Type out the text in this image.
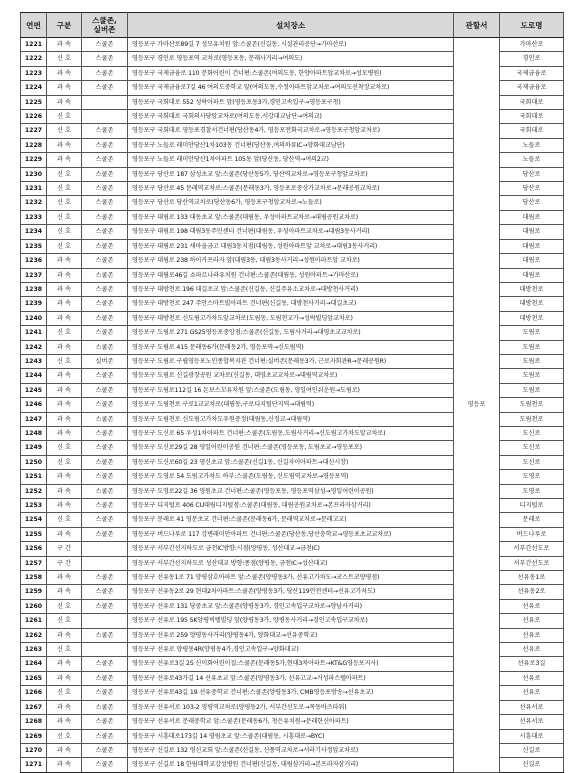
연번	구분	스쿨존,
실버존	설치장소	관할서	도로명
1221	과 속	스쿨존	영등포구 가마산로89길 7 성모유치원 앞:스쿨존(신길동, 시설관리공단→가마산로)	영등포	가마산로
1222	신 호	스쿨존	영등포구 경인로 영등포역 교차로(영등포동, 문래사거리→여의도)		경인로
1223	과 속	스쿨존	영등포구 국제금융로 110 문화어린이 건너편:스쿨존(여의도동, 한양아파트앞교차로→성모병원)		국제금융로
1224	과 속	스쿨존	영등포구 국제금융로7길 46 여의도중학교 앞(여의도동,수정아파트앞교차로→여의도선착장교차로)		국제금융로
1225	과 속		영등포구 국회대로 552 성락아파트 앞(영등포동3가,경인고속입구→영등포구청)		국회대로
1226	신 호		영등포구 국회대로 국회의사당앞교차로(여의도동,서강대교남단→여의교)		국회대로
1227	신 호	스쿨존	영등포구 국회대로 영등포경찰서건너편(당산동4가, 영등포전화국교차로→영등포구청앞교차로)		국회대로
1228	과 속	스쿨존	영등포구 노들로 래미안당산1차103동 건너편(당산동,여의하류IC→양화대교남단)		노들로
1229	과 속	스쿨존	영등포구 노들로 래미안당산1차아파트 105동 앞(당산동, 당산역→여의2교)		노들로
1230	신 호	스쿨존	영등포구 당산로 187 삼성초교 앞:스쿨존(당산동5가, 당산역교차로→영등포구청앞교차로)		당산로
1231	신 호	스쿨존	영등포구 당산로 45 문래역교차로:스쿨존(문래동3가, 영등포로중상가교차로→문래공원교차로)		당산로
1232	신 호	스쿨존	영등포구 당산로 당산역교차로(당산동6가, 영등포구청앞교차로→노들로)		당산로
1233	신 호	스쿨존	영등포구 대림로 133 대동초교 앞:스쿨존(대림동, 우성아파트교차로→대림공원교차로)		대림로
1234	신 호	스쿨존	영등포구 대림로 198 대림3동주민센터 건너편(대림동, 우성아파트교차로→대림3동사거리)		대림로
1235	신 호	스쿨존	영등포구 대림로 231 새마을금고 대림3동지점(대림동, 성원아파트앞 교차로→대림3동사거리)		대림로
1236	과 속	스쿨존	영등포구 대림로 238 하이카프라자 앞(대림3동, 대림3동사거리→성원아파트앞 교차로)		대림로
1237	과 속	스쿨존	영등포구 대림로46길 쇼파르나라유치원 건너편:스쿨존(대림동, 성원아파트→가마산로)		대림로
1238	과 속	스쿨존	영등포구 대방천로 196 대길초교 앞:스쿨존(신길동, 신길주유소교차로→대방천사거리)		대방천로
1239	과 속	스쿨존	영등포구 대방천로 247 주안스마트빌아파트 건너편(신길동, 대방천사거리→대길초교)		대방천로
1240	과 속	스쿨존	영등포구 대방천로 신도림고가차도앞교차로(도림동, 도림천교가→성락빌딩앞교차로)		대방천로
1241	신 호	스쿨존	영등포구 도림로 271 GS25영등포중앙점:스쿨존(신길동, 도림사거리→대영초교교차로)		도림로
1242	과 속	스쿨존	영등포구 도림로 415 문래동6가(문래동2가, 영등포역→신도림역)		도림로
1243	신 호	실버존	영등포구 도림로 구립영등포노인종합복지관 건너편:실버존(문래동3가, 근로자회관R→문래공원R)		도림로
1244	과 속	스쿨존	영등포구 도림로 신길광장공원 교차로(신길동, 대영초교교차로→대림역교차로)		도림로
1245	과 속	스쿨존	영등포구 도림로112길 16 돈보스꼬유치원 앞:스쿨존(도림동, 영일여인쉬운원→도림로)		도림로
1246	과 속	스쿨존	영등포구 도림천로 구로1교교차로(대림동,구로디지털단지역→대림역)		도림천로
1247	과 속	스쿨존	영등포구 도림천로 신도림고가차도우원중정(대림동,신정교→대림역)		도림천로
1248	과 속	스쿨존	영등포구 도신로 65 우성1차아파트 건너편:스쿨존(도림동,도림사거리→신도림고가차도앞교차로)		도신로
1249	신 호	스쿨존	영등포구 도신로29길 28 영일어린이공원 건너편:스쿨존(영등포동, 도림초교→영등포로)		도신로
1250	신 호	스쿨존	영등포구 도신로60길 23 영신초교 앞:스쿨존(신길1동, 신길자이아파트→대신시장)		도신로
1251	과 속	스쿨존	영등포구 도영로 54 도림고가차도 하부:스쿨존(도림동, 신도림역교차로→영등포역)		도영로
1252	과 속	스쿨존	영등포구 도영로22길 36 영원초교 건너편:스쿨존(영등포동, 영등포역삼성→영일어린이공원)		도영로
1253	과 속	스쿨존	영등포구 디지털로 406 CU대림디지털점:스쿨존(대림동, 대림공원교차로→본프라자삼거리)		디지털로
1254	신 호	스쿨존	영등포구 문래로 41 영문초교 건너편:스쿨존(문래동6가, 문래역교차로→문래고교)		문래로
1255	과 속	스쿨존	영등포구 버드나루로 117 강변래미안아파트 건너편:스쿨존(당산동,당산충학교→영등포초교교차로)		버드나루로
1256	구 간		영등포구 서부간선지하도로 금천IC방향:시점(양평동, 성산대교→금천IC)		서부간선도로
1257	구 간		영등포구 서부간선지하도로 성산대교 방향:종점(양평동, 금천IC→성산대교)		서부간선도로
1258	과 속	스쿨존	영등포구 선유동1로 71 양평삼호아파트 앞:스쿨존(양평동3가, 선유고가차도→코스트코양평점)		선유동1로
1259	과 속	스쿨존	영등포구 선유동2로 29 현대2차아파트:스쿨존(양평동3가, 당산119안전센터→선유고가차도)		선유동2로
1260	신 호	스쿨존	영등포구 선유로 131 당중초교 앞:스쿨존(양평동3가, 경인고속입구교차로→양남사거리)		선유로
1261	신 호		영등포구 선유로 195 SK양평빅텔빌딩 앞(양평동3가, 양평동사거리→경인고속입구교차로)		선유로
1262	과 속	스쿨존	영등포구 선유로 259 양평동사거리(양평동4가, 양화대교→선유중학교)		선유로
1263	신 호		영등포구 선유로 양평동4R(양평동4가,경인고속입구→양화대교)		선유로
1264	과 속	스쿨존	영등포구 선유로3길 25 신이화어린이집:스쿨존(문래동5가,현대3차아파트→KT&G영등포지사)		선유로3길
1265	과 속	스쿨존	영등포구 선유로43가길 14 선유초교 앞:스쿨존(양평동3가, 선유고교→거성파스텔아파트)		선유로
1266	신 호	스쿨존	영등포구 선유로43길 19 선유중학교 건너편:스쿨존(양평동3가, CMB영등포방송→선유초교)		선유로
1267	과 속	스쿨존	영등포구 선유서로 103-2 영평역교차로(양평동2가, 서부간선도로→목동바즈타워)		선유서로
1268	과 속	스쿨존	영등포구 선유서로 문래중학교 앞:스쿨존(문래동6가, 청은유치원→문래한신아파트)		선유서로
1269	신 호	스쿨존	영등포구 시흥대로173길 14 영림초교 앞:스쿨존(대림동, 시흥대로→BYC)		시흥대로
1270	과 속	스쿨존	영등포구 신길로 132 영신교회 앞:스쿨존(신길동, 신풍역교차로→서라기사정앞교차로)		신길로
1271	과 속	스쿨존	영등포구 신길로 18 한림대학교강성병원 건너편(신길동, 대림삼거리→본프라자삼거리)		신길로
